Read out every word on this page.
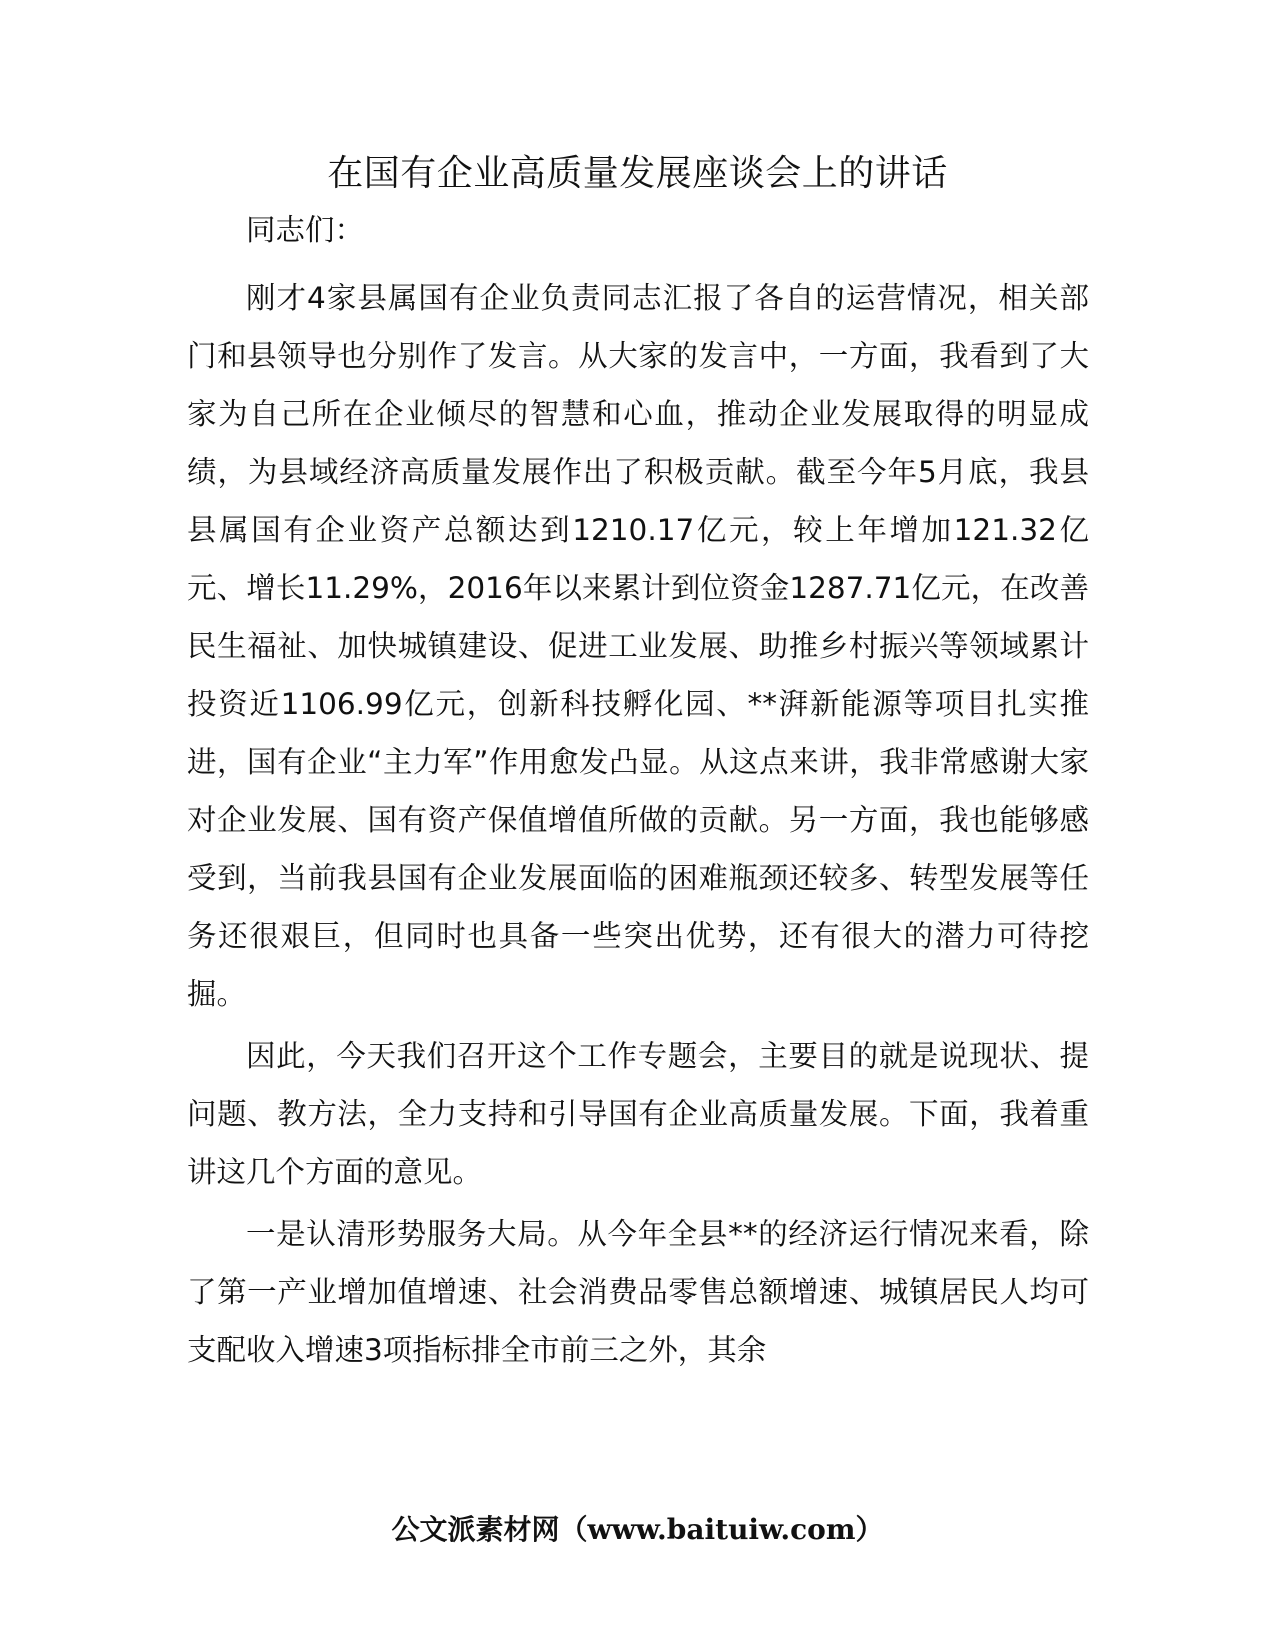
在国有企业高质量发展座谈会上的讲话

同志们：

刚才4家县属国有企业负责同志汇报了各自的运营情况，相关部门和县领导也分别作了发言。从大家的发言中，一方面，我看到了大家为自己所在企业倾尽的智慧和心血，推动企业发展取得的明显成绩，为县域经济高质量发展作出了积极贡献。截至今年5月底，我县县属国有企业资产总额达到1210.17亿元，较上年增加121.32亿元、增长11.29%，2016年以来累计到位资金1287.71亿元，在改善民生福祉、加快城镇建设、促进工业发展、助推乡村振兴等领域累计投资近1106.99亿元，创新科技孵化园、**湃新能源等项目扎实推进，国有企业“主力军”作用愈发凸显。从这点来讲，我非常感谢大家对企业发展、国有资产保值增值所做的贡献。另一方面，我也能够感受到，当前我县国有企业发展面临的困难瓶颈还较多、转型发展等任务还很艰巨，但同时也具备一些突出优势，还有很大的潜力可待挖掘。

因此，今天我们召开这个工作专题会，主要目的就是说现状、提问题、教方法，全力支持和引导国有企业高质量发展。下面，我着重讲这几个方面的意见。

一是认清形势服务大局。从今年全县**的经济运行情况来看，除了第一产业增加值增速、社会消费品零售总额增速、城镇居民人均可支配收入增速3项指标排全市前三之外，其余

公文派素材网（www.baituiw.com）
